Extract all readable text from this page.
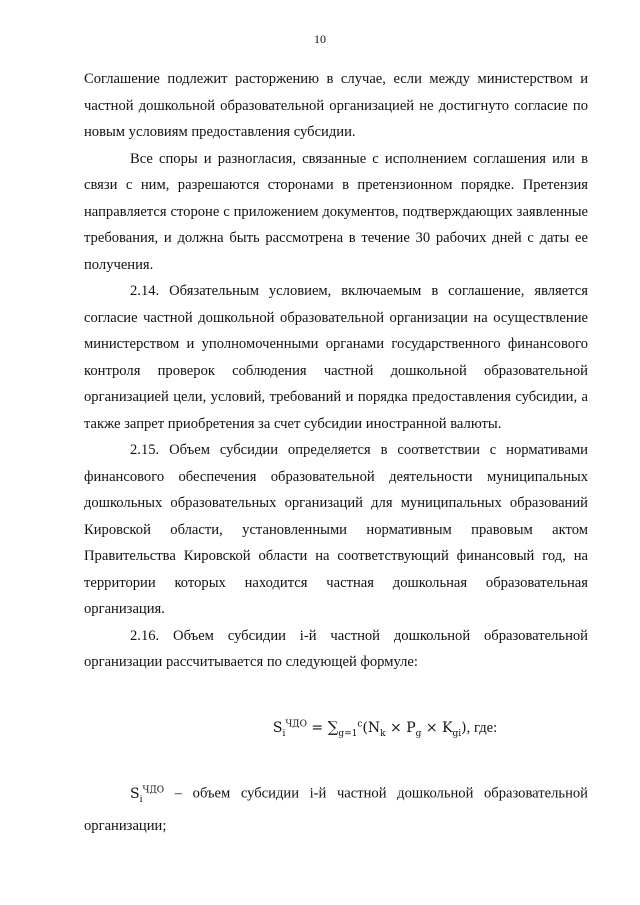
10

Соглашение подлежит расторжению в случае, если между министерством и частной дошкольной образовательной организацией не достигнуто согласие по новым условиям предоставления субсидии.

Все споры и разногласия, связанные с исполнением соглашения или в связи с ним, разрешаются сторонами в претензионном порядке. Претензия направляется стороне с приложением документов, подтверждающих заявленные требования, и должна быть рассмотрена в течение 30 рабочих дней с даты ее получения.

2.14. Обязательным условием, включаемым в соглашение, является согласие частной дошкольной образовательной организации на осуществление министерством и уполномоченными органами государственного финансового контроля проверок соблюдения частной дошкольной образовательной организацией цели, условий, требований и порядка предоставления субсидии, а также запрет приобретения за счет субсидии иностранной валюты.

2.15. Объем субсидии определяется в соответствии с нормативами финансового обеспечения образовательной деятельности муниципальных дошкольных образовательных организаций для муниципальных образований Кировской области, установленными нормативным правовым актом Правительства Кировской области на соответствующий финансовый год, на территории которых находится частная дошкольная образовательная организация.

2.16. Объем субсидии i-й частной дошкольной образовательной организации рассчитывается по следующей формуле:

$S_i^{ЧДО} = \sum_{g=1}^c(N_k \times P_g \times K_{gi})$, где:

$S_i^{ЧДО}$ – объем субсидии i-й частной дошкольной образовательной организации;
